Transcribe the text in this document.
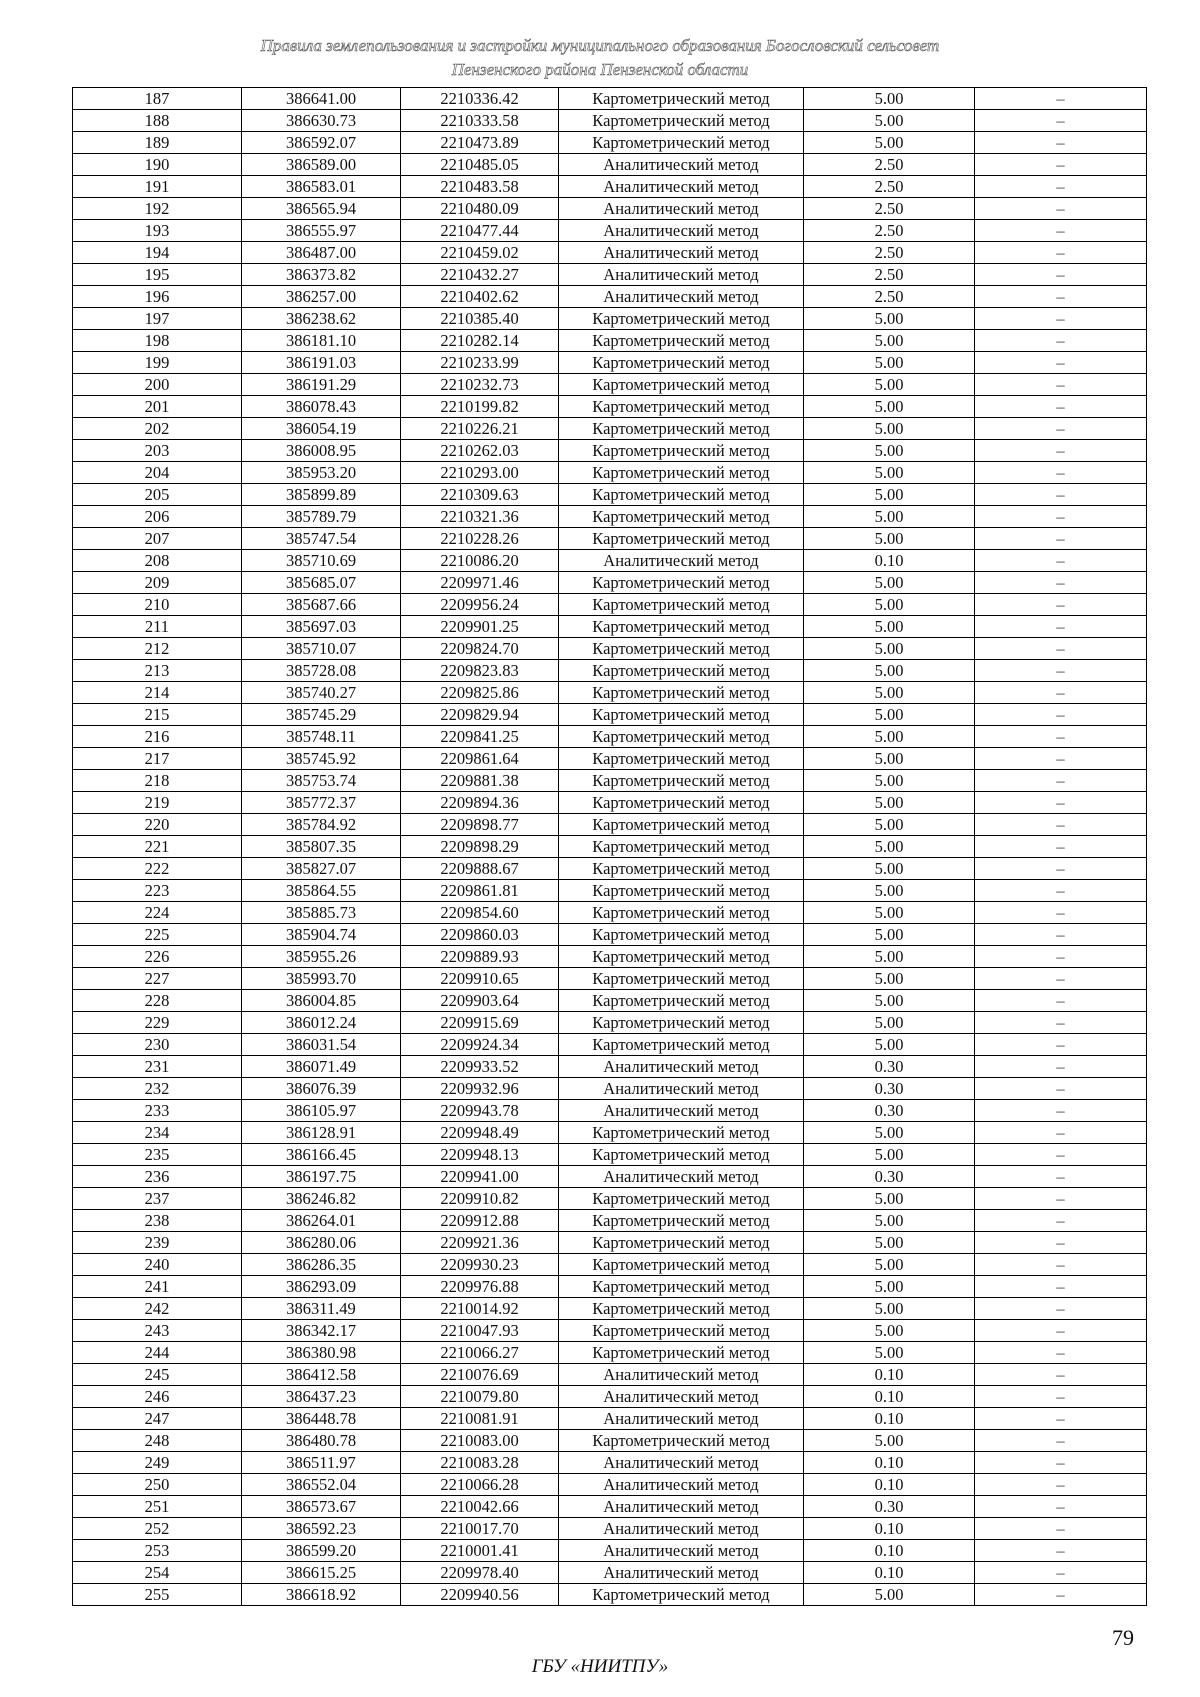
Правила землепользования и застройки муниципального образования Богословский сельсовет
Пензенского района Пензенской области
187	386641.00	2210336.42	Картометрический метод	5.00	–
188	386630.73	2210333.58	Картометрический метод	5.00	–
189	386592.07	2210473.89	Картометрический метод	5.00	–
190	386589.00	2210485.05	Аналитический метод	2.50	–
191	386583.01	2210483.58	Аналитический метод	2.50	–
192	386565.94	2210480.09	Аналитический метод	2.50	–
193	386555.97	2210477.44	Аналитический метод	2.50	–
194	386487.00	2210459.02	Аналитический метод	2.50	–
195	386373.82	2210432.27	Аналитический метод	2.50	–
196	386257.00	2210402.62	Аналитический метод	2.50	–
197	386238.62	2210385.40	Картометрический метод	5.00	–
198	386181.10	2210282.14	Картометрический метод	5.00	–
199	386191.03	2210233.99	Картометрический метод	5.00	–
200	386191.29	2210232.73	Картометрический метод	5.00	–
201	386078.43	2210199.82	Картометрический метод	5.00	–
202	386054.19	2210226.21	Картометрический метод	5.00	–
203	386008.95	2210262.03	Картометрический метод	5.00	–
204	385953.20	2210293.00	Картометрический метод	5.00	–
205	385899.89	2210309.63	Картометрический метод	5.00	–
206	385789.79	2210321.36	Картометрический метод	5.00	–
207	385747.54	2210228.26	Картометрический метод	5.00	–
208	385710.69	2210086.20	Аналитический метод	0.10	–
209	385685.07	2209971.46	Картометрический метод	5.00	–
210	385687.66	2209956.24	Картометрический метод	5.00	–
211	385697.03	2209901.25	Картометрический метод	5.00	–
212	385710.07	2209824.70	Картометрический метод	5.00	–
213	385728.08	2209823.83	Картометрический метод	5.00	–
214	385740.27	2209825.86	Картометрический метод	5.00	–
215	385745.29	2209829.94	Картометрический метод	5.00	–
216	385748.11	2209841.25	Картометрический метод	5.00	–
217	385745.92	2209861.64	Картометрический метод	5.00	–
218	385753.74	2209881.38	Картометрический метод	5.00	–
219	385772.37	2209894.36	Картометрический метод	5.00	–
220	385784.92	2209898.77	Картометрический метод	5.00	–
221	385807.35	2209898.29	Картометрический метод	5.00	–
222	385827.07	2209888.67	Картометрический метод	5.00	–
223	385864.55	2209861.81	Картометрический метод	5.00	–
224	385885.73	2209854.60	Картометрический метод	5.00	–
225	385904.74	2209860.03	Картометрический метод	5.00	–
226	385955.26	2209889.93	Картометрический метод	5.00	–
227	385993.70	2209910.65	Картометрический метод	5.00	–
228	386004.85	2209903.64	Картометрический метод	5.00	–
229	386012.24	2209915.69	Картометрический метод	5.00	–
230	386031.54	2209924.34	Картометрический метод	5.00	–
231	386071.49	2209933.52	Аналитический метод	0.30	–
232	386076.39	2209932.96	Аналитический метод	0.30	–
233	386105.97	2209943.78	Аналитический метод	0.30	–
234	386128.91	2209948.49	Картометрический метод	5.00	–
235	386166.45	2209948.13	Картометрический метод	5.00	–
236	386197.75	2209941.00	Аналитический метод	0.30	–
237	386246.82	2209910.82	Картометрический метод	5.00	–
238	386264.01	2209912.88	Картометрический метод	5.00	–
239	386280.06	2209921.36	Картометрический метод	5.00	–
240	386286.35	2209930.23	Картометрический метод	5.00	–
241	386293.09	2209976.88	Картометрический метод	5.00	–
242	386311.49	2210014.92	Картометрический метод	5.00	–
243	386342.17	2210047.93	Картометрический метод	5.00	–
244	386380.98	2210066.27	Картометрический метод	5.00	–
245	386412.58	2210076.69	Аналитический метод	0.10	–
246	386437.23	2210079.80	Аналитический метод	0.10	–
247	386448.78	2210081.91	Аналитический метод	0.10	–
248	386480.78	2210083.00	Картометрический метод	5.00	–
249	386511.97	2210083.28	Аналитический метод	0.10	–
250	386552.04	2210066.28	Аналитический метод	0.10	–
251	386573.67	2210042.66	Аналитический метод	0.30	–
252	386592.23	2210017.70	Аналитический метод	0.10	–
253	386599.20	2210001.41	Аналитический метод	0.10	–
254	386615.25	2209978.40	Аналитический метод	0.10	–
255	386618.92	2209940.56	Картометрический метод	5.00	–
79
ГБУ «НИИТПУ»
